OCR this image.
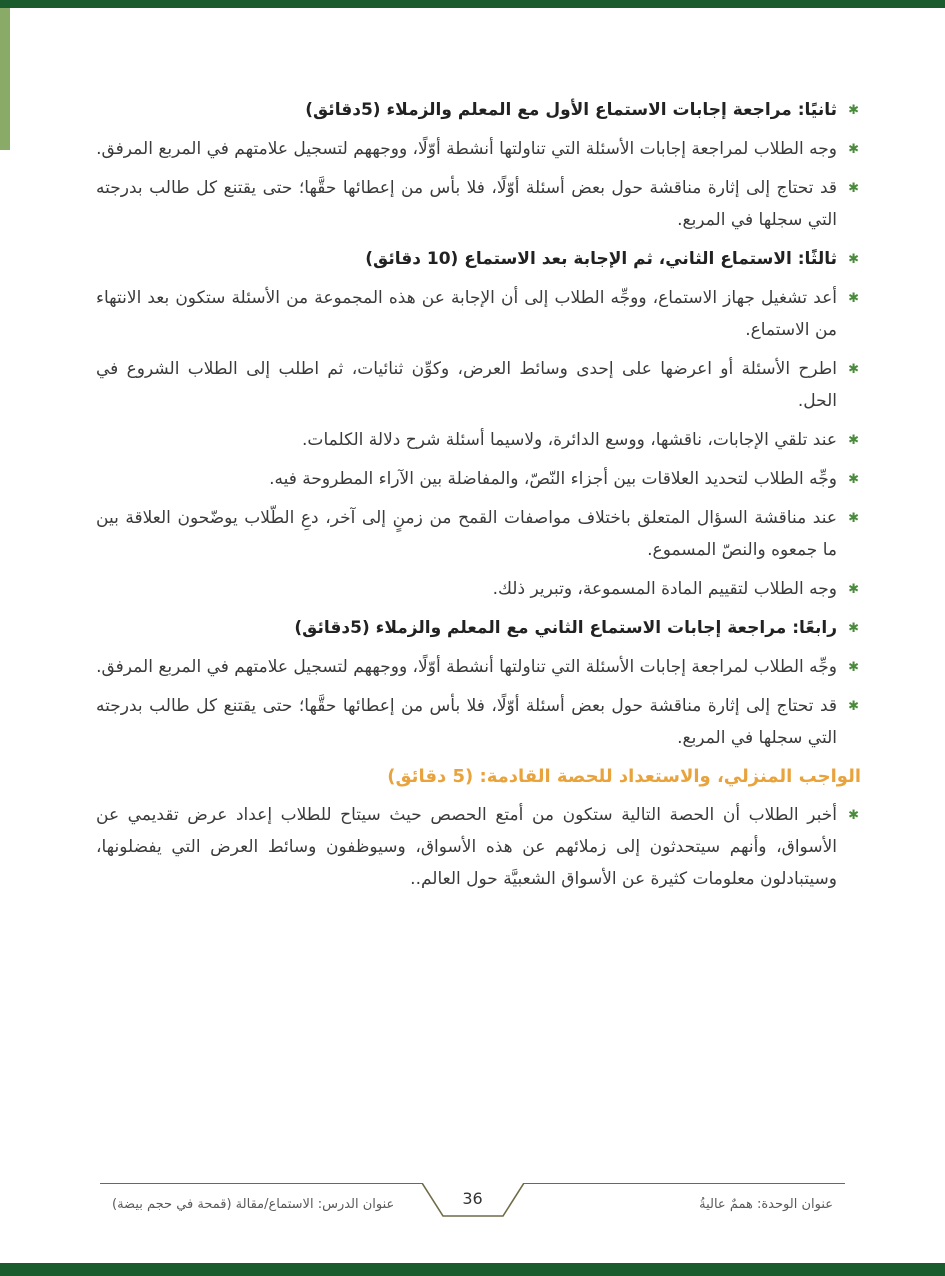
✱
ثانيًا: مراجعة إجابات الاستماع الأول مع المعلم والزملاء (5دقائق)
✱
وجه الطلاب لمراجعة إجابات الأسئلة التي تناولتها أنشطة أوّلًا، ووجههم لتسجيل علامتهم في المربع المرفق.
✱
قد تحتاج إلى إثارة مناقشة حول بعض أسئلة أوّلًا، فلا بأس من إعطائها حقَّها؛ حتى يقتنع كل طالب بدرجته التي سجلها في المربع.
✱
ثالثًا: الاستماع الثاني، ثم الإجابة بعد الاستماع (10 دقائق)
✱
أعد تشغيل جهاز الاستماع، ووجِّه الطلاب إلى أن الإجابة عن هذه المجموعة من الأسئلة ستكون بعد الانتهاء من الاستماع.
✱
اطرح الأسئلة أو اعرضها على إحدى وسائط العرض، وكوِّن ثنائيات، ثم اطلب إلى الطلاب الشروع في الحل.
✱
عند تلقي الإجابات، ناقشها، ووسع الدائرة، ولاسيما أسئلة شرح دلالة الكلمات.
✱
وجِّه الطلاب لتحديد العلاقات بين أجزاء النّصّ، والمفاضلة بين الآراء المطروحة فيه.
✱
عند مناقشة السؤال المتعلق باختلاف مواصفات القمح من زمنٍ إلى آخر، دعِ الطّلاب يوضّحون العلاقة بين ما جمعوه والنصّ المسموع.
✱
وجه الطلاب لتقييم المادة المسموعة، وتبرير ذلك.
✱
رابعًا: مراجعة إجابات الاستماع الثاني مع المعلم والزملاء (5دقائق)
✱
وجِّه الطلاب لمراجعة إجابات الأسئلة التي تناولتها أنشطة أوّلًا، ووجههم لتسجيل علامتهم في المربع المرفق.
✱
قد تحتاج إلى إثارة مناقشة حول بعض أسئلة أوّلًا، فلا بأس من إعطائها حقَّها؛ حتى يقتنع كل طالب بدرجته التي سجلها في المربع.
الواجب المنزلي، والاستعداد للحصة القادمة: (5 دقائق)
✱
أخبر الطلاب أن الحصة التالية ستكون من أمتع الحصص حيث سيتاح للطلاب إعداد عرض تقديمي عن الأسواق، وأنهم سيتحدثون إلى زملائهم عن هذه الأسواق، وسيوظفون وسائط العرض التي يفضلونها، وسيتبادلون معلومات كثيرة عن الأسواق الشعبيَّة حول العالم..
36
عنوان الدرس: الاستماع/مقالة (قمحة في حجم بيضة)	عنوان الوحدة: هممٌ عاليةُ
